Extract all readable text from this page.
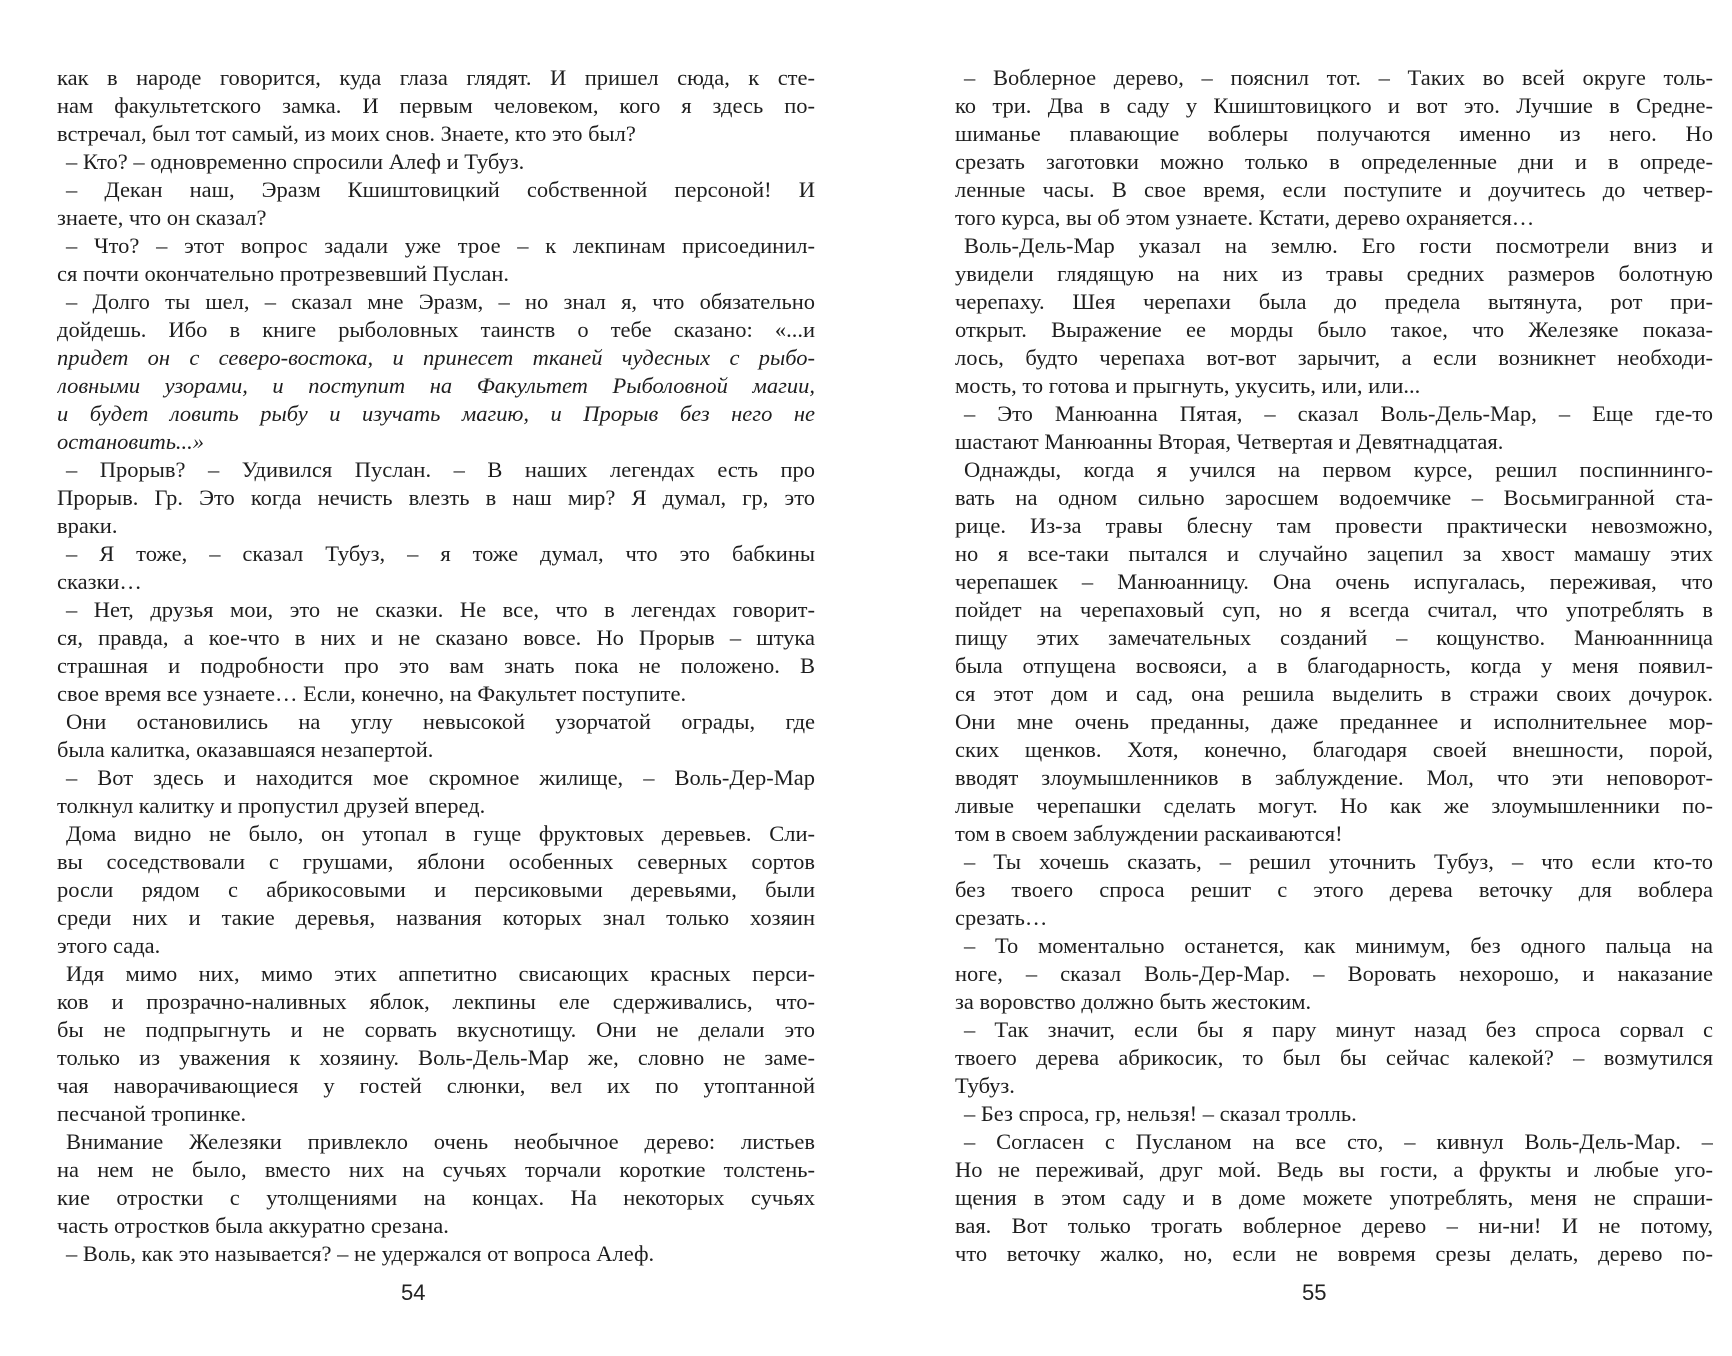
как в народе говорится, куда глаза глядят. И пришел сюда, к сте-
нам факультетского замка. И первым человеком, кого я здесь по-
встречал, был тот самый, из моих снов. Знаете, кто это был?
– Кто? – одновременно спросили Алеф и Тубуз.
– Декан наш, Эразм Кшиштовицкий собственной персоной! И
знаете, что он сказал?
– Что? – этот вопрос задали уже трое – к лекпинам присоединил-
ся почти окончательно протрезвевший Пуслан.
– Долго ты шел, – сказал мне Эразм, – но знал я, что обязательно
дойдешь. Ибо в книге рыболовных таинств о тебе сказано: «...и
придет он с северо-востока, и принесет тканей чудесных с рыбо-
ловными узорами, и поступит на Факультет Рыболовной магии,
и будет ловить рыбу и изучать магию, и Прорыв без него не
остановить...»
– Прорыв? – Удивился Пуслан. – В наших легендах есть про
Прорыв. Гр. Это когда нечисть влезть в наш мир? Я думал, гр, это
враки.
– Я тоже, – сказал Тубуз, – я тоже думал, что это бабкины
сказки…
– Нет, друзья мои, это не сказки. Не все, что в легендах говорит-
ся, правда, а кое-что в них и не сказано вовсе. Но Прорыв – штука
страшная и подробности про это вам знать пока не положено. В
свое время все узнаете… Если, конечно, на Факультет поступите.
Они остановились на углу невысокой узорчатой ограды, где
была калитка, оказавшаяся незапертой.
– Вот здесь и находится мое скромное жилище, – Воль-Дер-Мар
толкнул калитку и пропустил друзей вперед.
Дома видно не было, он утопал в гуще фруктовых деревьев. Сли-
вы соседствовали с грушами, яблони особенных северных сортов
росли рядом с абрикосовыми и персиковыми деревьями, были
среди них и такие деревья, названия которых знал только хозяин
этого сада.
Идя мимо них, мимо этих аппетитно свисающих красных перси-
ков и прозрачно-наливных яблок, лекпины еле сдерживались, что-
бы не подпрыгнуть и не сорвать вкуснотищу. Они не делали это
только из уважения к хозяину. Воль-Дель-Мар же, словно не заме-
чая наворачивающиеся у гостей слюнки, вел их по утоптанной
песчаной тропинке.
Внимание Железяки привлекло очень необычное дерево: листьев
на нем не было, вместо них на сучьях торчали короткие толстень-
кие отростки с утолщениями на концах. На некоторых сучьях
часть отростков была аккуратно срезана.
– Воль, как это называется? – не удержался от вопроса Алеф.
– Воблерное дерево, – пояснил тот. – Таких во всей округе толь-
ко три. Два в саду у Кшиштовицкого и вот это. Лучшие в Средне-
шиманье плавающие воблеры получаются именно из него. Но
срезать заготовки можно только в определенные дни и в опреде-
ленные часы. В свое время, если поступите и доучитесь до четвер-
того курса, вы об этом узнаете. Кстати, дерево охраняется…
Воль-Дель-Мар указал на землю. Его гости посмотрели вниз и
увидели глядящую на них из травы средних размеров болотную
черепаху. Шея черепахи была до предела вытянута, рот при-
открыт. Выражение ее морды было такое, что Железяке показа-
лось, будто черепаха вот-вот зарычит, а если возникнет необходи-
мость, то готова и прыгнуть, укусить, или, или...
– Это Манюанна Пятая, – сказал Воль-Дель-Мар, – Еще где-то
шастают Манюанны Вторая, Четвертая и Девятнадцатая.
Однажды, когда я учился на первом курсе, решил поспиннинго-
вать на одном сильно заросшем водоемчике – Восьмигранной ста-
рице. Из-за травы блесну там провести практически невозможно,
но я все-таки пытался и случайно зацепил за хвост мамашу этих
черепашек – Манюанницу. Она очень испугалась, переживая, что
пойдет на черепаховый суп, но я всегда считал, что употреблять в
пищу этих замечательных созданий – кощунство. Манюаннница
была отпущена восвояси, а в благодарность, когда у меня появил-
ся этот дом и сад, она решила выделить в стражи своих дочурок.
Они мне очень преданны, даже преданнее и исполнительнее мор-
ских щенков. Хотя, конечно, благодаря своей внешности, порой,
вводят злоумышленников в заблуждение. Мол, что эти неповорот-
ливые черепашки сделать могут. Но как же злоумышленники по-
том в своем заблуждении раскаиваются!
– Ты хочешь сказать, – решил уточнить Тубуз, – что если кто-то
без твоего спроса решит с этого дерева веточку для воблера
срезать…
– То моментально останется, как минимум, без одного пальца на
ноге, – сказал Воль-Дер-Мар. – Воровать нехорошо, и наказание
за воровство должно быть жестоким.
– Так значит, если бы я пару минут назад без спроса сорвал с
твоего дерева абрикосик, то был бы сейчас калекой? – возмутился
Тубуз.
– Без спроса, гр, нельзя! – сказал тролль.
– Согласен с Пусланом на все сто, – кивнул Воль-Дель-Мар. –
Но не переживай, друг мой. Ведь вы гости, а фрукты и любые уго-
щения в этом саду и в доме можете употреблять, меня не спраши-
вая. Вот только трогать воблерное дерево – ни-ни! И не потому,
что веточку жалко, но, если не вовремя срезы делать, дерево по-
54	55
